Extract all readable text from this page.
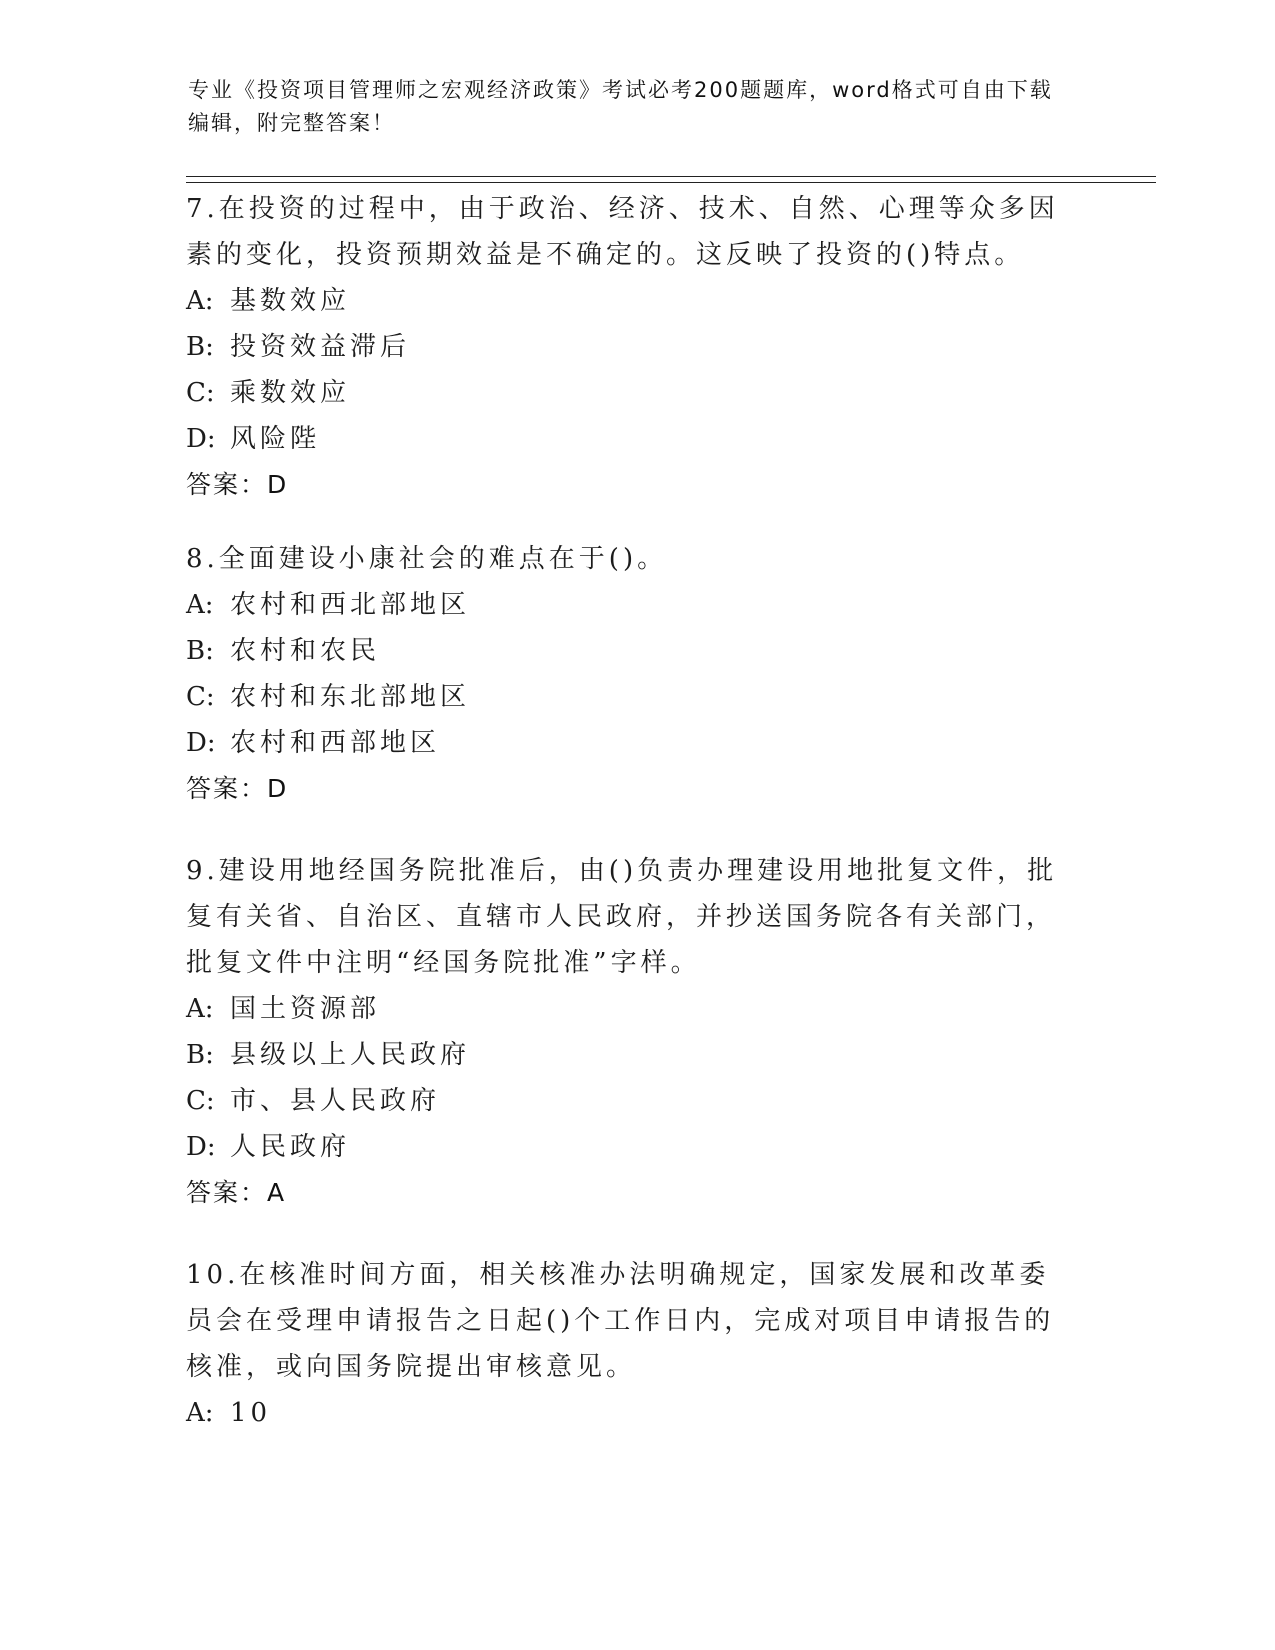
专业《投资项目管理师之宏观经济政策》考试必考200题题库，word格式可自由下载编辑，附完整答案！

7.在投资的过程中，由于政治、经济、技术、自然、心理等众多因素的变化，投资预期效益是不确定的。这反映了投资的()特点。

A: 基数效应

B: 投资效益滞后

C: 乘数效应

D: 风险陛

答案：D

8.全面建设小康社会的难点在于()。

A: 农村和西北部地区

B: 农村和农民

C: 农村和东北部地区

D: 农村和西部地区

答案：D

9.建设用地经国务院批准后，由()负责办理建设用地批复文件，批复有关省、自治区、直辖市人民政府，并抄送国务院各有关部门，批复文件中注明“经国务院批准”字样。

A: 国土资源部

B: 县级以上人民政府

C: 市、县人民政府

D: 人民政府

答案：A

10.在核准时间方面，相关核准办法明确规定，国家发展和改革委员会在受理申请报告之日起()个工作日内，完成对项目申请报告的核准，或向国务院提出审核意见。

A: 10
